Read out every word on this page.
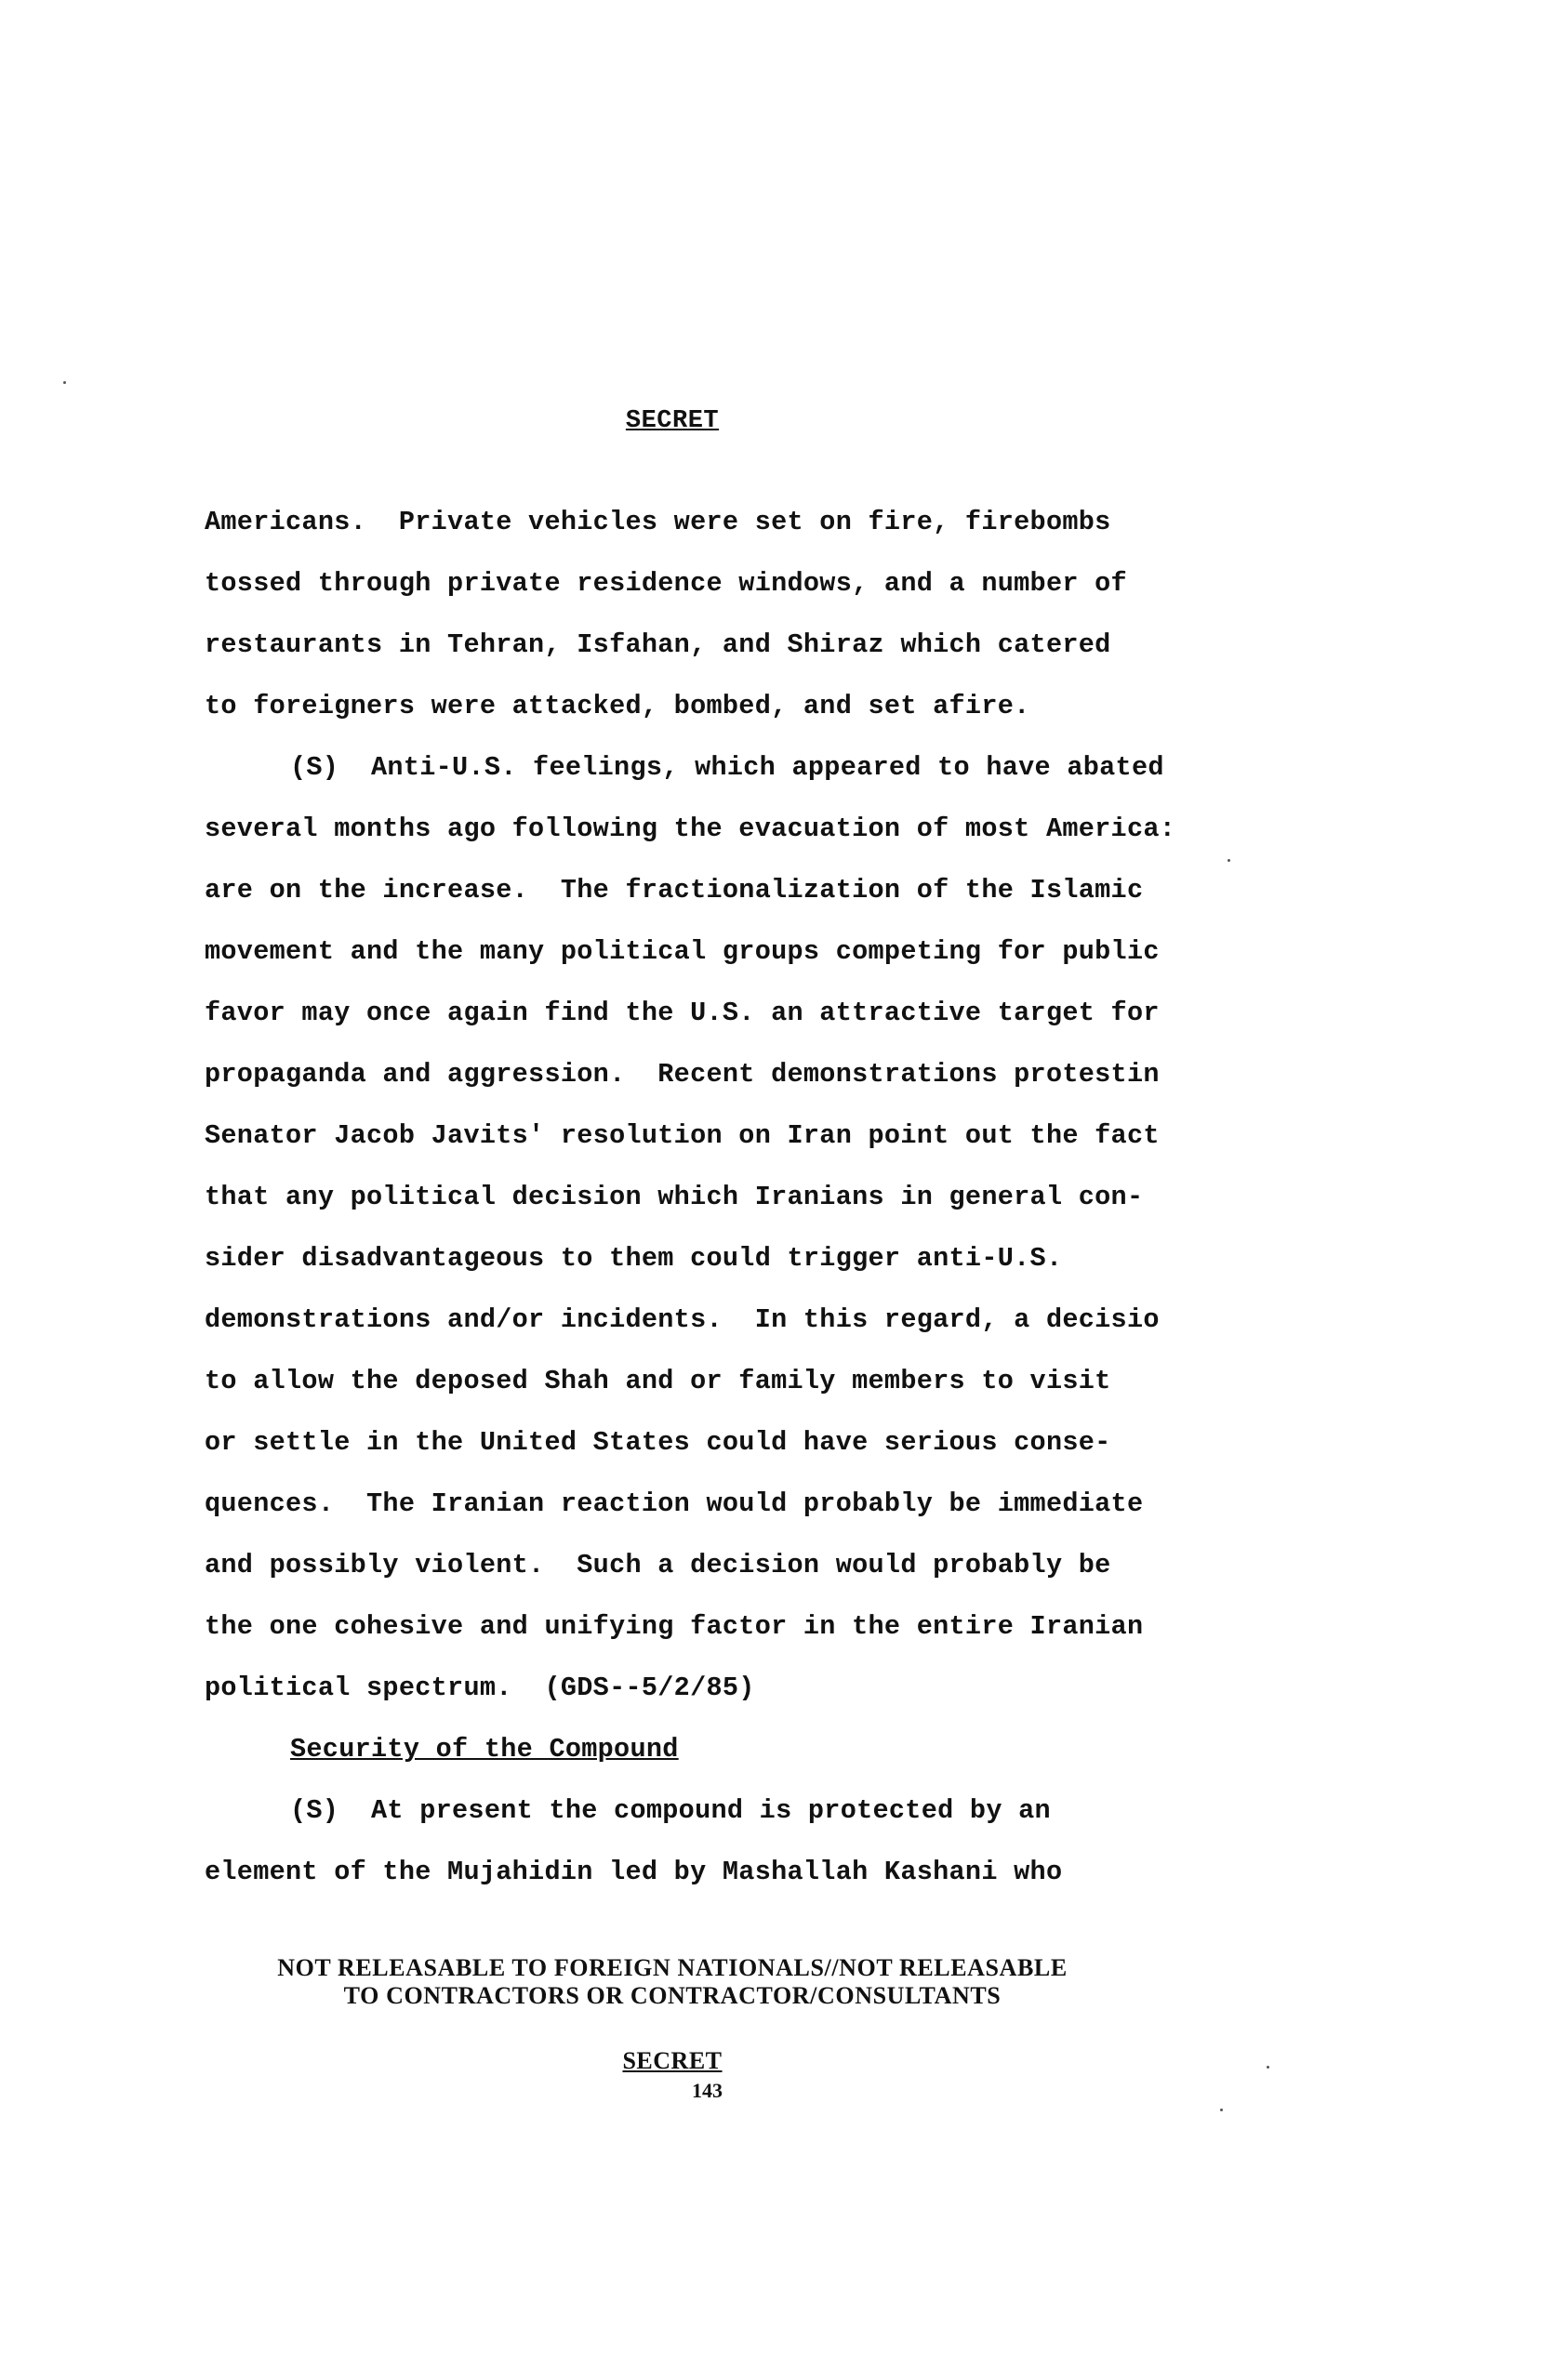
SECRET
Americans.  Private vehicles were set on fire, firebombs
tossed through private residence windows, and a number of
restaurants in Tehran, Isfahan, and Shiraz which catered
to foreigners were attacked, bombed, and set afire.
(S)  Anti-U.S. feelings, which appeared to have abated
several months ago following the evacuation of most America:
are on the increase.  The fractionalization of the Islamic
movement and the many political groups competing for public
favor may once again find the U.S. an attractive target for
propaganda and aggression.  Recent demonstrations protestin
Senator Jacob Javits' resolution on Iran point out the fact
that any political decision which Iranians in general con-
sider disadvantageous to them could trigger anti-U.S.
demonstrations and/or incidents.  In this regard, a decisio
to allow the deposed Shah and or family members to visit
or settle in the United States could have serious conse-
quences.  The Iranian reaction would probably be immediate
and possibly violent.  Such a decision would probably be
the one cohesive and unifying factor in the entire Iranian
political spectrum.  (GDS--5/2/85)
Security of the Compound
(S)  At present the compound is protected by an
element of the Mujahidin led by Mashallah Kashani who
NOT RELEASABLE TO FOREIGN NATIONALS//NOT RELEASABLE
TO CONTRACTORS OR CONTRACTOR/CONSULTANTS
SECRET
143
